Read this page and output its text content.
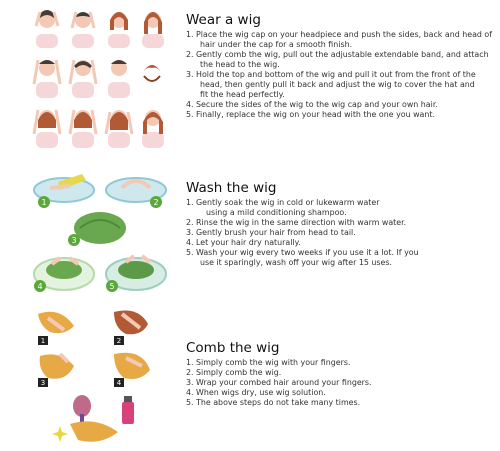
Wear a wig
1. Place the wig cap on your headpiece and push the sides, back and head of
hair under the cap for a smooth finish.
2. Gently comb the wig, pull out the adjustable extendable band, and attach
the head to the wig.
3. Hold the top and bottom of the wig and pull it out from the front of the
head, then gently pull it back and adjust the wig to cover the hat and
fit the head perfectly.
4. Secure the sides of the wig to the wig cap and your own hair.
5. Finally, replace the wig on your head with the one you want.
1	2
3
4	5
Wash the wig
1. Gently soak the wig in cold or lukewarm water
using a mild conditioning shampoo.
2. Rinse the wig in the same direction with warm water.
3. Gently brush your hair from head to tail.
4. Let your hair dry naturally.
5. Wash your wig every two weeks if you use it a lot. If you
use it sparingly, wash off your wig after 15 uses.
1	2
3	4
Comb the wig
1. Simply comb the wig with your fingers.
2. Simply comb the wig.
3. Wrap your combed hair around your fingers.
4. When wigs dry, use wig solution.
5. The above steps do not take many times.
